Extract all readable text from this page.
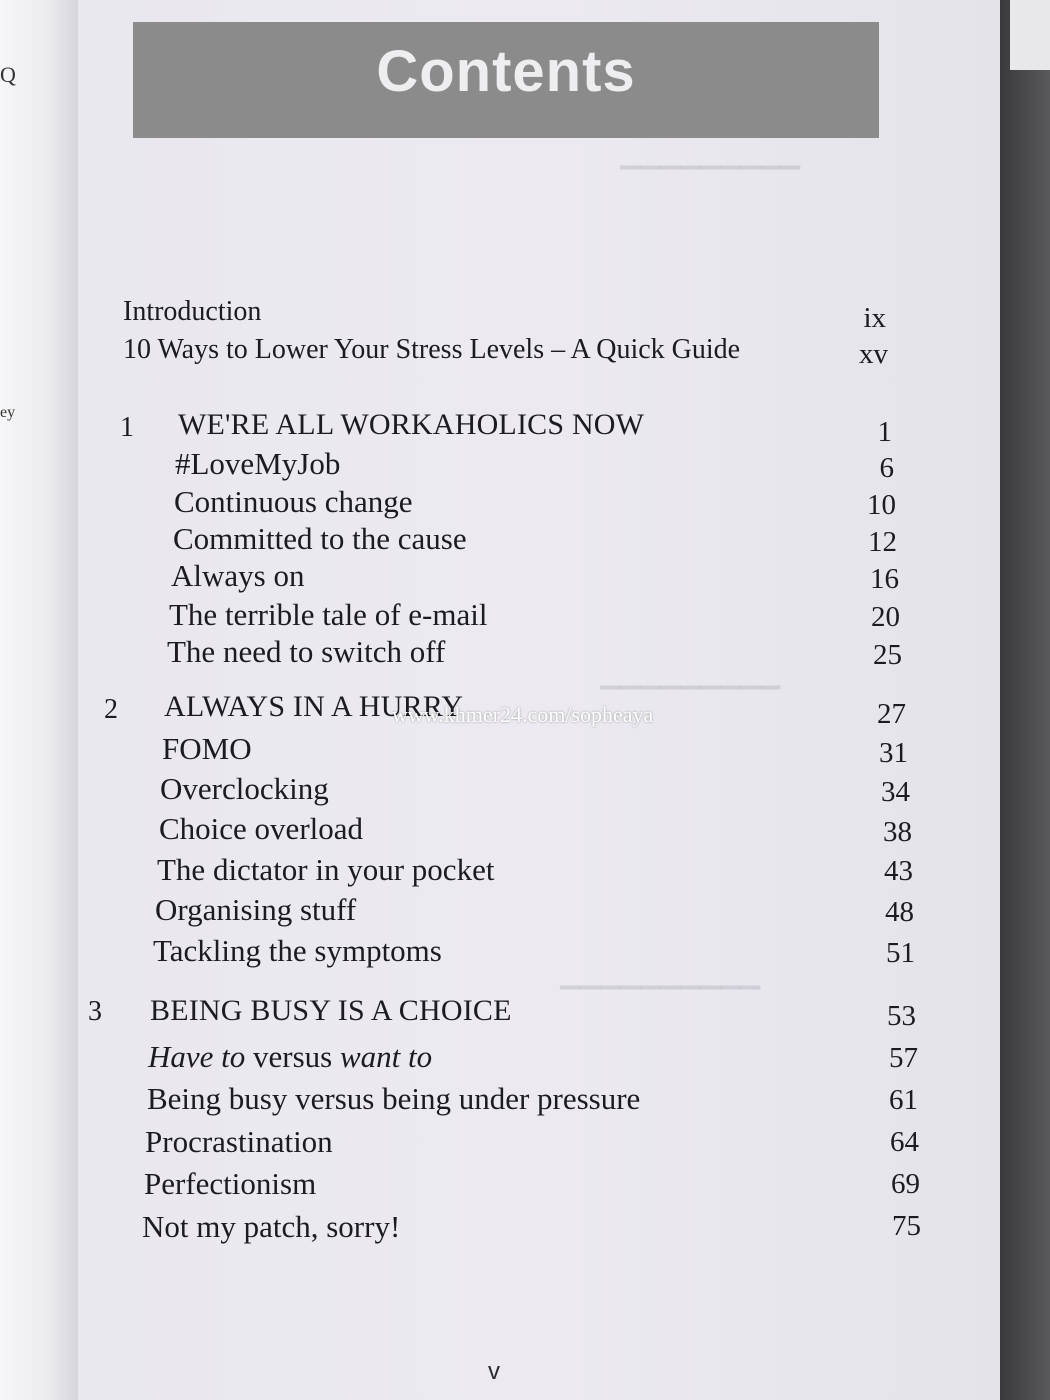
▁▁▁▁▁▁▁▁▁
▁▁▁▁▁▁▁▁▁
▁▁▁▁▁▁▁▁▁▁
Contents
Introduction	ix
10 Ways to Lower Your Stress Levels – A Quick Guide	xv
1 WE'RE ALL WORKAHOLICS NOW	1
#LoveMyJob	6
Continuous change	10
Committed to the cause	12
Always on	16
The terrible tale of e-mail	20
The need to switch off	25
2 ALWAYS IN A HURRY	27
FOMO	31
Overclocking	34
Choice overload	38
The dictator in your pocket	43
Organising stuff	48
Tackling the symptoms	51
3 BEING BUSY IS A CHOICE	53
Have to versus want to	57
Being busy versus being under pressure	61
Procrastination	64
Perfectionism	69
Not my patch, sorry!	75
www.khmer24.com/sopheaya
v
Q
ey
